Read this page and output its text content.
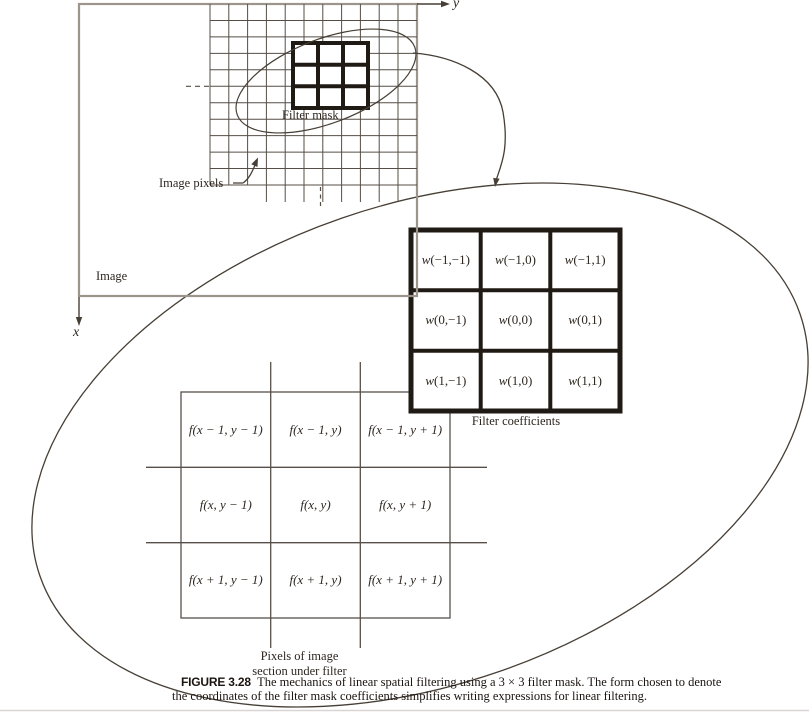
y
x
Image
Image pixels
Filter mask
w (−1,−1) w (−1,0) w (−1,1)
w (0,−1) w (0,0)	w (0,1)
w (1,−1) w (1,0)	w (1,1)
Filter coefficients
f (x − 1, y − 1) f (x − 1, y) f (x − 1, y + 1)
f (x, y − 1)	f (x, y)	f (x, y + 1)
f (x + 1, y − 1) f (x + 1, y) f (x + 1, y + 1)
Pixels of image
section under filter
FIGURE 3.28 The mechanics of linear spatial filtering using a 3 × 3 filter mask. The form chosen to denote
the coordinates of the filter mask coefficients simplifies writing expressions for linear filtering.
